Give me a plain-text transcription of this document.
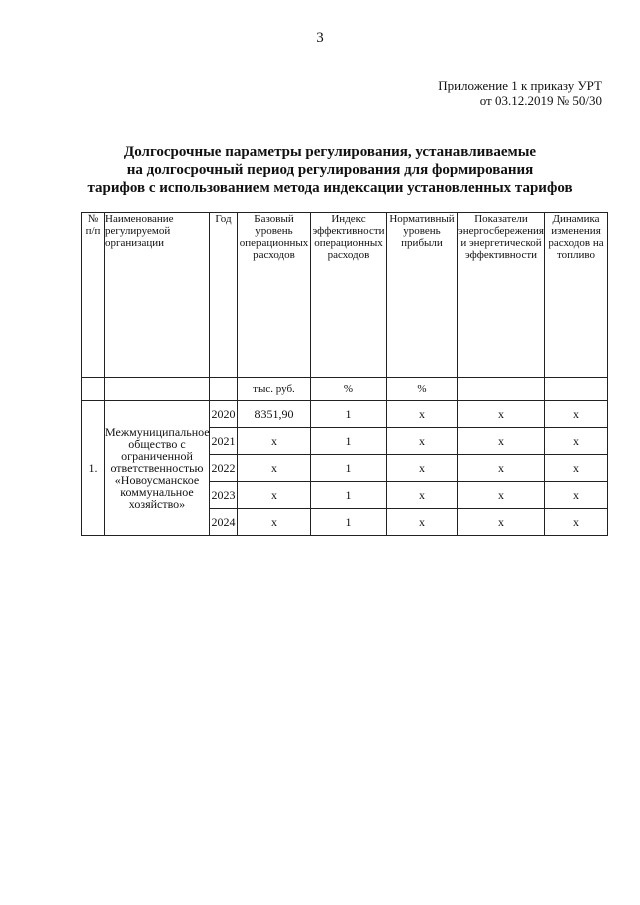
3
Приложение 1 к приказу УРТ
от 03.12.2019 № 50/30
Долгосрочные параметры регулирования, устанавливаемые
на долгосрочный период регулирования для формирования
тарифов с использованием метода индексации установленных тарифов
№ п/п	Наименование регулируемой организации	Год	Базовый уровень операционных расходов	Индекс эффективности операционных расходов	Нормативный уровень прибыли	Показатели энергосбережения и энергетической эффективности	Динамика изменения расходов на топливо
			тыс. руб.	%	%		
1.	Межмуниципальное общество с ограниченной ответственностью «Новоусманское коммунальное хозяйство»	2020	8351,90	1	x	x	x
		2021	x	1	x	x	x
		2022	x	1	x	x	x
		2023	x	1	x	x	x
		2024	x	1	x	x	x
